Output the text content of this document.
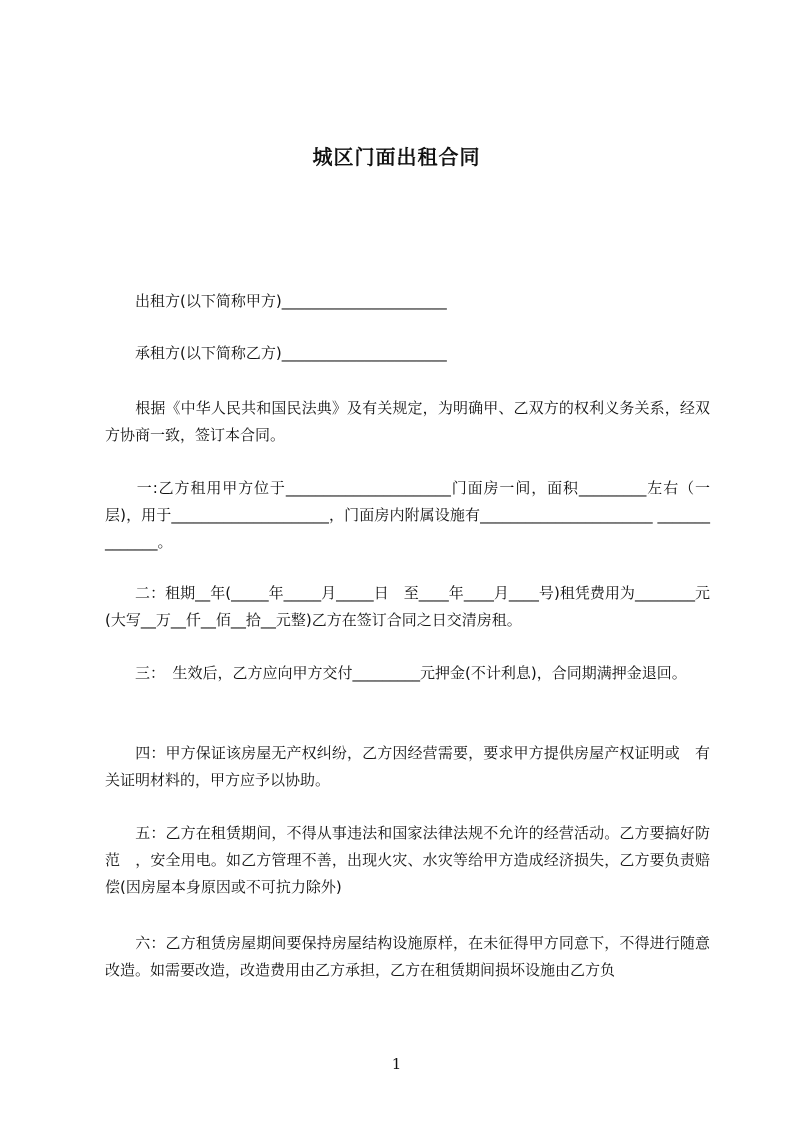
城区门面出租合同
　　出租方(以下简称甲方)______________________
　　承租方(以下简称乙方)______________________
　　根据《中华人民共和国民法典》及有关规定，为明确甲、乙双方的权利义务关系，经双方协商一致，签订本合同。
　　一:乙方租用甲方位于______________________门面房一间，面积_________左右（一层)，用于_____________________，门面房内附属设施有_______________________ ______________。
　　二：租期__年(_____年_____月_____日　至____年____月____号)租凭费用为________元(大写__万__仟__佰__拾__元整)乙方在签订合同之日交清房租。
　　三：　生效后，乙方应向甲方交付_________元押金(不计利息)，合同期满押金退回。
　　四：甲方保证该房屋无产权纠纷，乙方因经营需要，要求甲方提供房屋产权证明或　有关证明材料的，甲方应予以协助。
　　五：乙方在租赁期间，不得从事违法和国家法律法规不允许的经营活动。乙方要搞好防范　，安全用电。如乙方管理不善，出现火灾、水灾等给甲方造成经济损失，乙方要负责赔偿(因房屋本身原因或不可抗力除外)
　　六：乙方租赁房屋期间要保持房屋结构设施原样，在未征得甲方同意下，不得进行随意改造。如需要改造，改造费用由乙方承担，乙方在租赁期间损坏设施由乙方负
1
